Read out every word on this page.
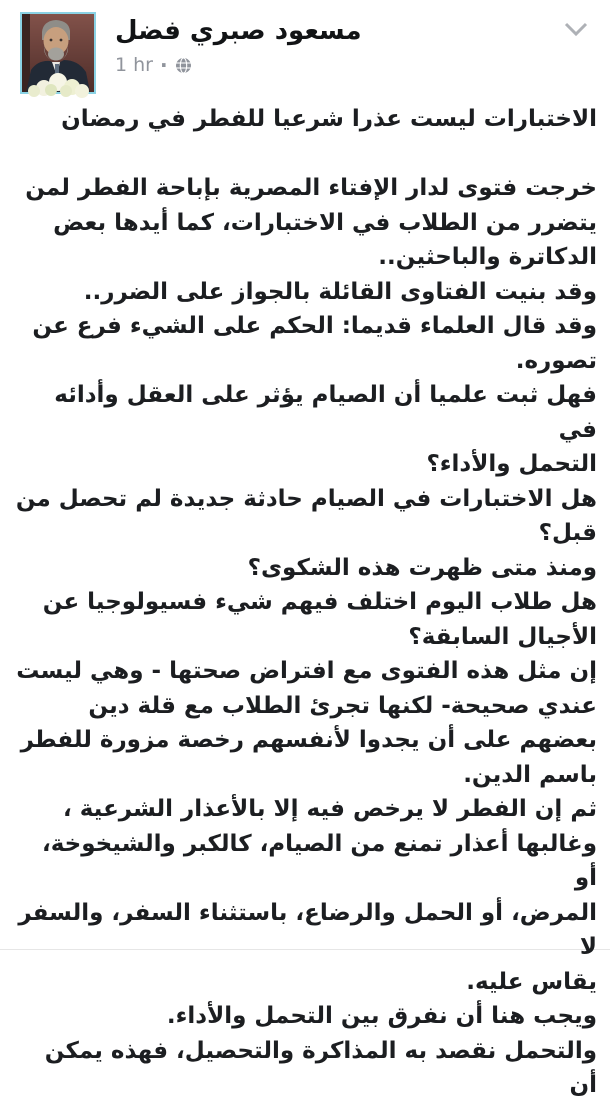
مسعود صبري فضل
1 hr ·
الاختبارات ليست عذرا شرعيا للفطر في رمضان
خرجت فتوى لدار الإفتاء المصرية بإباحة الفطر لمن
يتضرر من الطلاب في الاختبارات، كما أيدها بعض
الدكاترة والباحثين..
وقد بنيت الفتاوى القائلة بالجواز على الضرر..
وقد قال العلماء قديما: الحكم على الشيء فرع عن
تصوره.
فهل ثبت علميا أن الصيام يؤثر على العقل وأدائه في
التحمل والأداء؟
هل الاختبارات في الصيام حادثة جديدة لم تحصل من
قبل؟
ومنذ متى ظهرت هذه الشكوى؟
هل طلاب اليوم اختلف فيهم شيء فسيولوجيا عن
الأجيال السابقة؟
إن مثل هذه الفتوى مع افتراض صحتها - وهي ليست
عندي صحيحة- لكنها تجرئ الطلاب مع قلة دين
بعضهم على أن يجدوا لأنفسهم رخصة مزورة للفطر
باسم الدين.
ثم إن الفطر لا يرخص فيه إلا بالأعذار الشرعية ،
وغالبها أعذار تمنع من الصيام، كالكبر والشيخوخة، أو
المرض، أو الحمل والرضاع، باستثناء السفر، والسفر لا
يقاس عليه.
ويجب هنا أن نفرق بين التحمل والأداء.
والتحمل نقصد به المذاكرة والتحصيل، فهذه يمكن أن
